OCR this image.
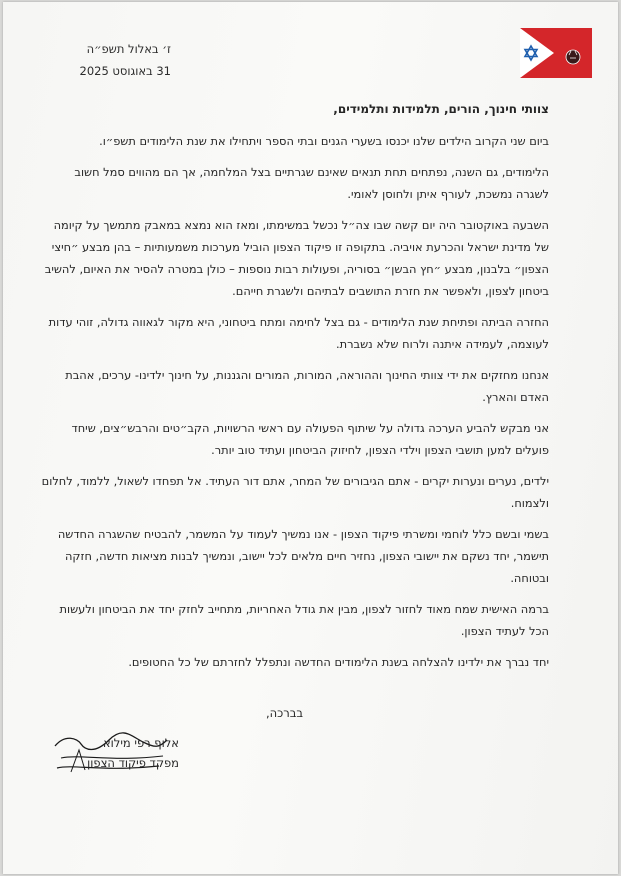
ז׳ באלול תשפ״ה
31 באוגוסט 2025
צוותי חינוך, הורים, תלמידות ותלמידים,

ביום שני הקרוב הילדים שלנו יכנסו בשערי הגנים ובתי הספר ויתחילו את שנת הלימודים תשפ״ו.

הלימודים, גם השנה, נפתחים תחת תנאים שאינם שגרתיים בצל המלחמה, אך הם מהווים סמל חשוב לשגרה נמשכת, לעורף איתן ולחוסן לאומי.

השבעה באוקטובר היה יום קשה שבו צה״ל נכשל במשימתו, ומאז הוא נמצא במאבק מתמשך על קיומה של מדינת ישראל והכרעת אויביה. בתקופה זו פיקוד הצפון הוביל מערכות משמעותיות – בהן מבצע ״חיצי הצפון״ בלבנון, מבצע ״חץ הבשן״ בסוריה, ופעולות רבות נוספות – כולן במטרה להסיר את האיום, להשיב ביטחון לצפון, ולאפשר את חזרת התושבים לבתיהם ולשגרת חייהם.

החזרה הביתה ופתיחת שנת הלימודים - גם בצל לחימה ומתח ביטחוני, היא מקור לגאווה גדולה, זוהי עדות לעוצמה, לעמידה איתנה ולרוח שלא נשברת.

אנחנו מחזקים את ידי צוותי החינוך וההוראה, המורות, המורים והגננות, על חינוך ילדינו- ערכים, אהבת האדם והארץ.

אני מבקש להביע הערכה גדולה על שיתוף הפעולה עם ראשי הרשויות, הקב״טים והרבש״צים, שיחד פועלים למען תושבי הצפון וילדי הצפון, לחיזוק הביטחון ועתיד טוב יותר.

ילדים, נערים ונערות יקרים - אתם הגיבורים של המחר, אתם דור העתיד. אל תפחדו לשאול, ללמוד, לחלום ולצמוח.

בשמי ובשם כלל לוחמי ומשרתי פיקוד הצפון - אנו נמשיך לעמוד על המשמר, להבטיח שהשגרה החדשה תישמר, יחד נשקם את יישובי הצפון, נחזיר חיים מלאים לכל יישוב, ונמשיך לבנות מציאות חדשה, חזקה ובטוחה.

ברמה האישית שמח מאוד לחזור לצפון, מבין את גודל האחריות, מתחייב לחזק יחד את הביטחון ולעשות הכל לעתיד הצפון.

יחד נברך את ילדינו להצלחה בשנת הלימודים החדשה ונתפלל לחזרתם של כל החטופים.

בברכה,
אלוף רפי מילוא
מפקד פיקוד הצפון
